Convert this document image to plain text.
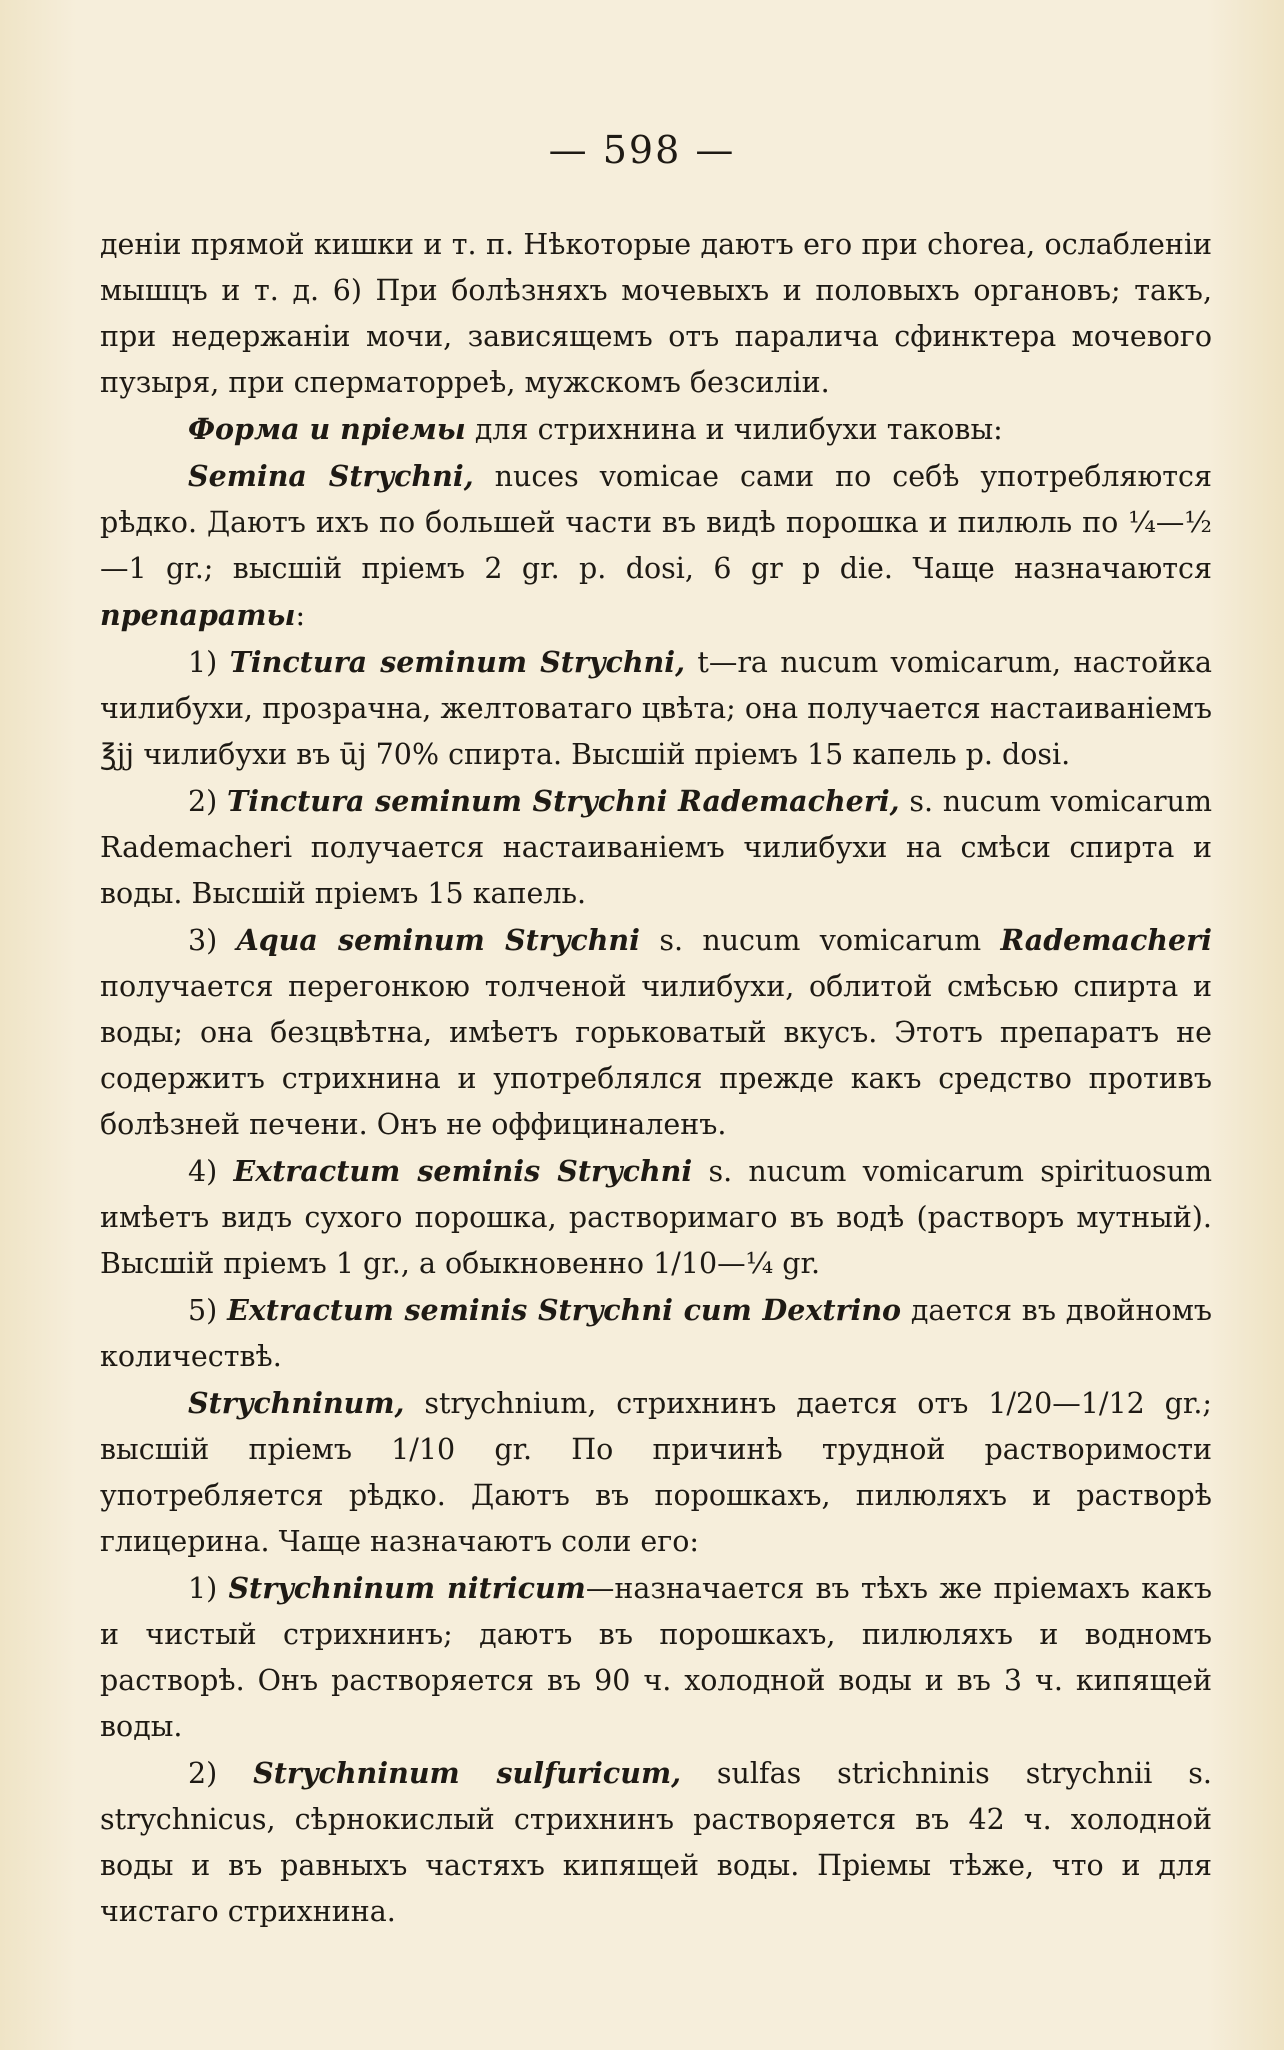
— 598 —

деніи прямой кишки и т. п. Нѣкоторые даютъ его при chorea, ослабленіи мышцъ и т. д. 6) При болѣзняхъ мочевыхъ и половыхъ органовъ; такъ, при недержаніи мочи, зависящемъ отъ паралича сфинктера мочевого пузыря, при сперматорреѣ, мужскомъ безсиліи.

Форма и пріемы для стрихнина и чилибухи таковы:

Semina Strychni, nuces vomicae сами по себѣ употребляются рѣдко. Даютъ ихъ по большей части въ видѣ порошка и пилюль по ¼—½—1 gr.; высшій пріемъ 2 gr. p. dosi, 6 gr p die. Чаще назначаются препараты:

1) Tinctura seminum Strychni, t—ra nucum vomicarum, настойка чилибухи, прозрачна, желтоватаго цвѣта; она получается настаиваніемъ ℥jj чилибухи въ ūj 70% спирта. Высшій пріемъ 15 капель p. dosi.

2) Tinctura seminum Strychni Rademacheri, s. nucum vomicarum Rademacheri получается настаиваніемъ чилибухи на смѣси спирта и воды. Высшій пріемъ 15 капель.

3) Aqua seminum Strychni s. nucum vomicarum Rademacheri получается перегонкою толченой чилибухи, облитой смѣсью спирта и воды; она безцвѣтна, имѣетъ горьковатый вкусъ. Этотъ препаратъ не содержитъ стрихнина и употреблялся прежде какъ средство противъ болѣзней печени. Онъ не оффициналенъ.

4) Extractum seminis Strychni s. nucum vomicarum spirituosum имѣетъ видъ сухого порошка, растворимаго въ водѣ (растворъ мутный). Высшій пріемъ 1 gr., а обыкновенно 1/10—¼ gr.

5) Extractum seminis Strychni cum Dextrino дается въ двойномъ количествѣ.

Strychninum, strychnium, стрихнинъ дается отъ 1/20—1/12 gr.; высшій пріемъ 1/10 gr. По причинѣ трудной растворимости употребляется рѣдко. Даютъ въ порошкахъ, пилюляхъ и растворѣ глицерина. Чаще назначаютъ соли его:

1) Strychninum nitricum—назначается въ тѣхъ же пріемахъ какъ и чистый стрихнинъ; даютъ въ порошкахъ, пилюляхъ и водномъ растворѣ. Онъ растворяется въ 90 ч. холодной воды и въ 3 ч. кипящей воды.

2) Strychninum sulfuricum, sulfas strichninis strychnii s. strychnicus, сѣрнокислый стрихнинъ растворяется въ 42 ч. холодной воды и въ равныхъ частяхъ кипящей воды. Пріемы тѣже, что и для чистаго стрихнина.
